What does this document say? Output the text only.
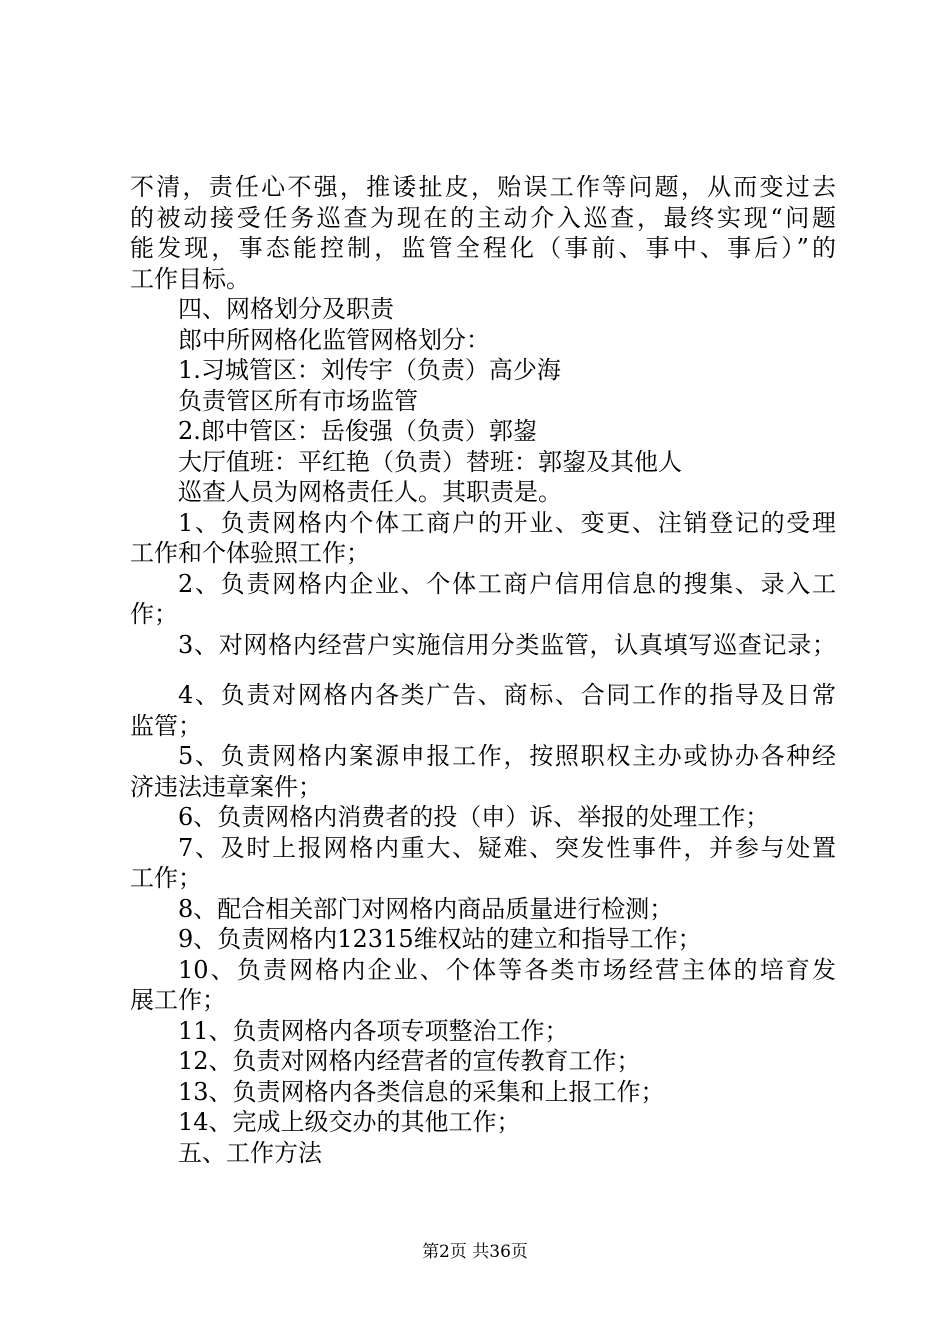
不清，责任心不强，推诿扯皮，贻误工作等问题，从而变过去
的被动接受任务巡查为现在的主动介入巡查，最终实现“问题
能发现，事态能控制，监管全程化（事前、事中、事后）”的
工作目标。
四、网格划分及职责
郎中所网格化监管网格划分：
1.习城管区：刘传宇（负责）高少海
负责管区所有市场监管
2.郎中管区：岳俊强（负责）郭鋆
大厅值班：平红艳（负责）替班：郭鋆及其他人
巡查人员为网格责任人。其职责是。
1、负责网格内个体工商户的开业、变更、注销登记的受理
工作和个体验照工作；
2、负责网格内企业、个体工商户信用信息的搜集、录入工
作；
3、对网格内经营户实施信用分类监管，认真填写巡查记录；
4、负责对网格内各类广告、商标、合同工作的指导及日常
监管；
5、负责网格内案源申报工作，按照职权主办或协办各种经
济违法违章案件；
6、负责网格内消费者的投（申）诉、举报的处理工作；
7、及时上报网格内重大、疑难、突发性事件，并参与处置
工作；
8、配合相关部门对网格内商品质量进行检测；
9、负责网格内12315维权站的建立和指导工作；
10、负责网格内企业、个体等各类市场经营主体的培育发
展工作；
11、负责网格内各项专项整治工作；
12、负责对网格内经营者的宣传教育工作；
13、负责网格内各类信息的采集和上报工作；
14、完成上级交办的其他工作；
五、工作方法
第2页 共36页
